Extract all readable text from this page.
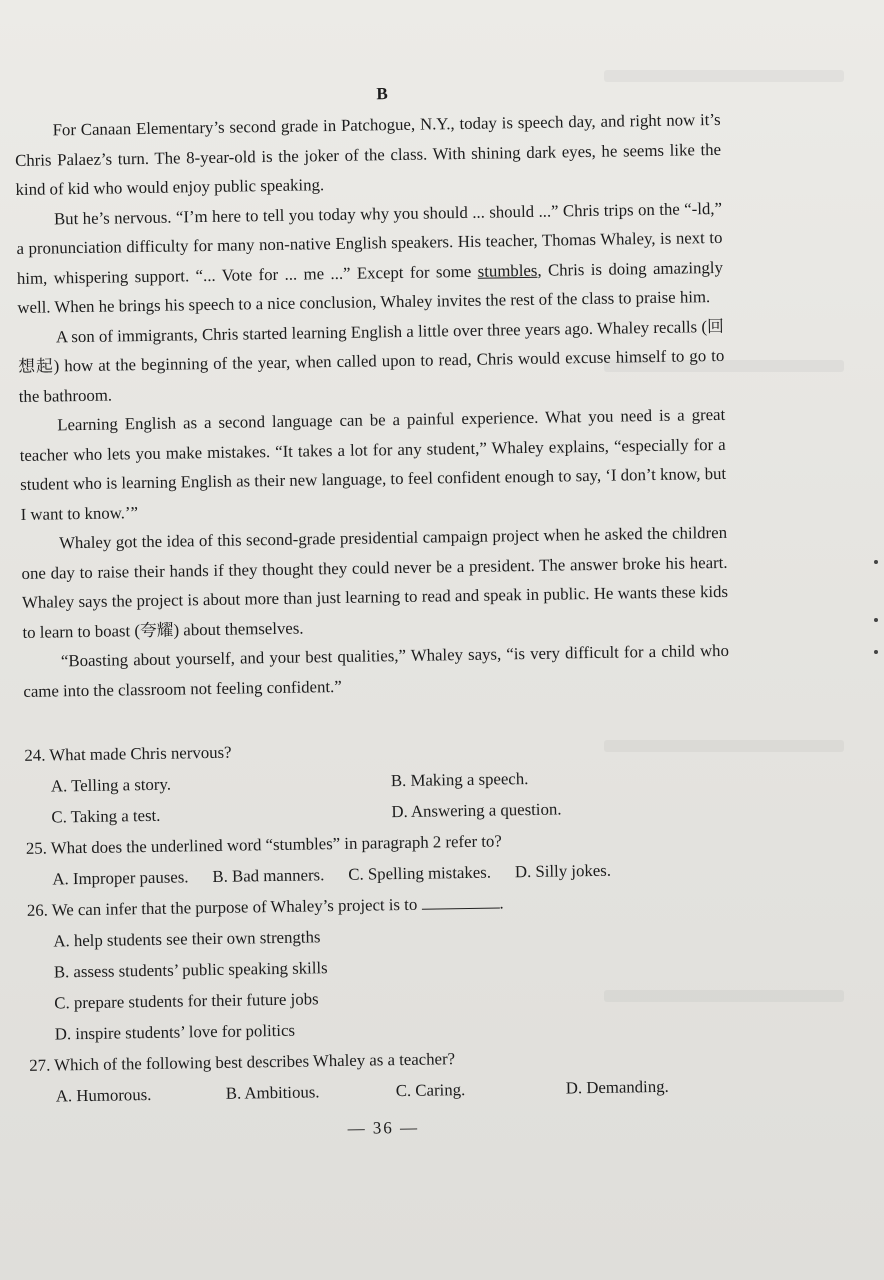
B

For Canaan Elementary’s second grade in Patchogue, N.Y., today is speech day, and right now it’s Chris Palaez’s turn. The 8-year-old is the joker of the class. With shining dark eyes, he seems like the kind of kid who would enjoy public speaking.

But he’s nervous. “I’m here to tell you today why you should ... should ...” Chris trips on the “-ld,” a pronunciation difficulty for many non-native English speakers. His teacher, Thomas Whaley, is next to him, whispering support. “... Vote for ... me ...” Except for some stumbles, Chris is doing amazingly well. When he brings his speech to a nice conclusion, Whaley invites the rest of the class to praise him.

A son of immigrants, Chris started learning English a little over three years ago. Whaley recalls (回想起) how at the beginning of the year, when called upon to read, Chris would excuse himself to go to the bathroom.

Learning English as a second language can be a painful experience. What you need is a great teacher who lets you make mistakes. “It takes a lot for any student,” Whaley explains, “especially for a student who is learning English as their new language, to feel confident enough to say, ‘I don’t know, but I want to know.’”

Whaley got the idea of this second-grade presidential campaign project when he asked the children one day to raise their hands if they thought they could never be a president. The answer broke his heart. Whaley says the project is about more than just learning to read and speak in public. He wants these kids to learn to boast (夸耀) about themselves.

“Boasting about yourself, and your best qualities,” Whaley says, “is very difficult for a child who came into the classroom not feeling confident.”

24. What made Chris nervous?

A. Telling a story.	B. Making a speech.
C. Taking a test.	D. Answering a question.

25. What does the underlined word “stumbles” in paragraph 2 refer to?

A. Improper pauses. B. Bad manners. C. Spelling mistakes. D. Silly jokes.

26. We can infer that the purpose of Whaley’s project is to	.

A. help students see their own strengths
B. assess students’ public speaking skills
C. prepare students for their future jobs
D. inspire students’ love for politics

27. Which of the following best describes Whaley as a teacher?

A. Humorous.	B. Ambitious.	C. Caring.	D. Demanding.
— 36 —
